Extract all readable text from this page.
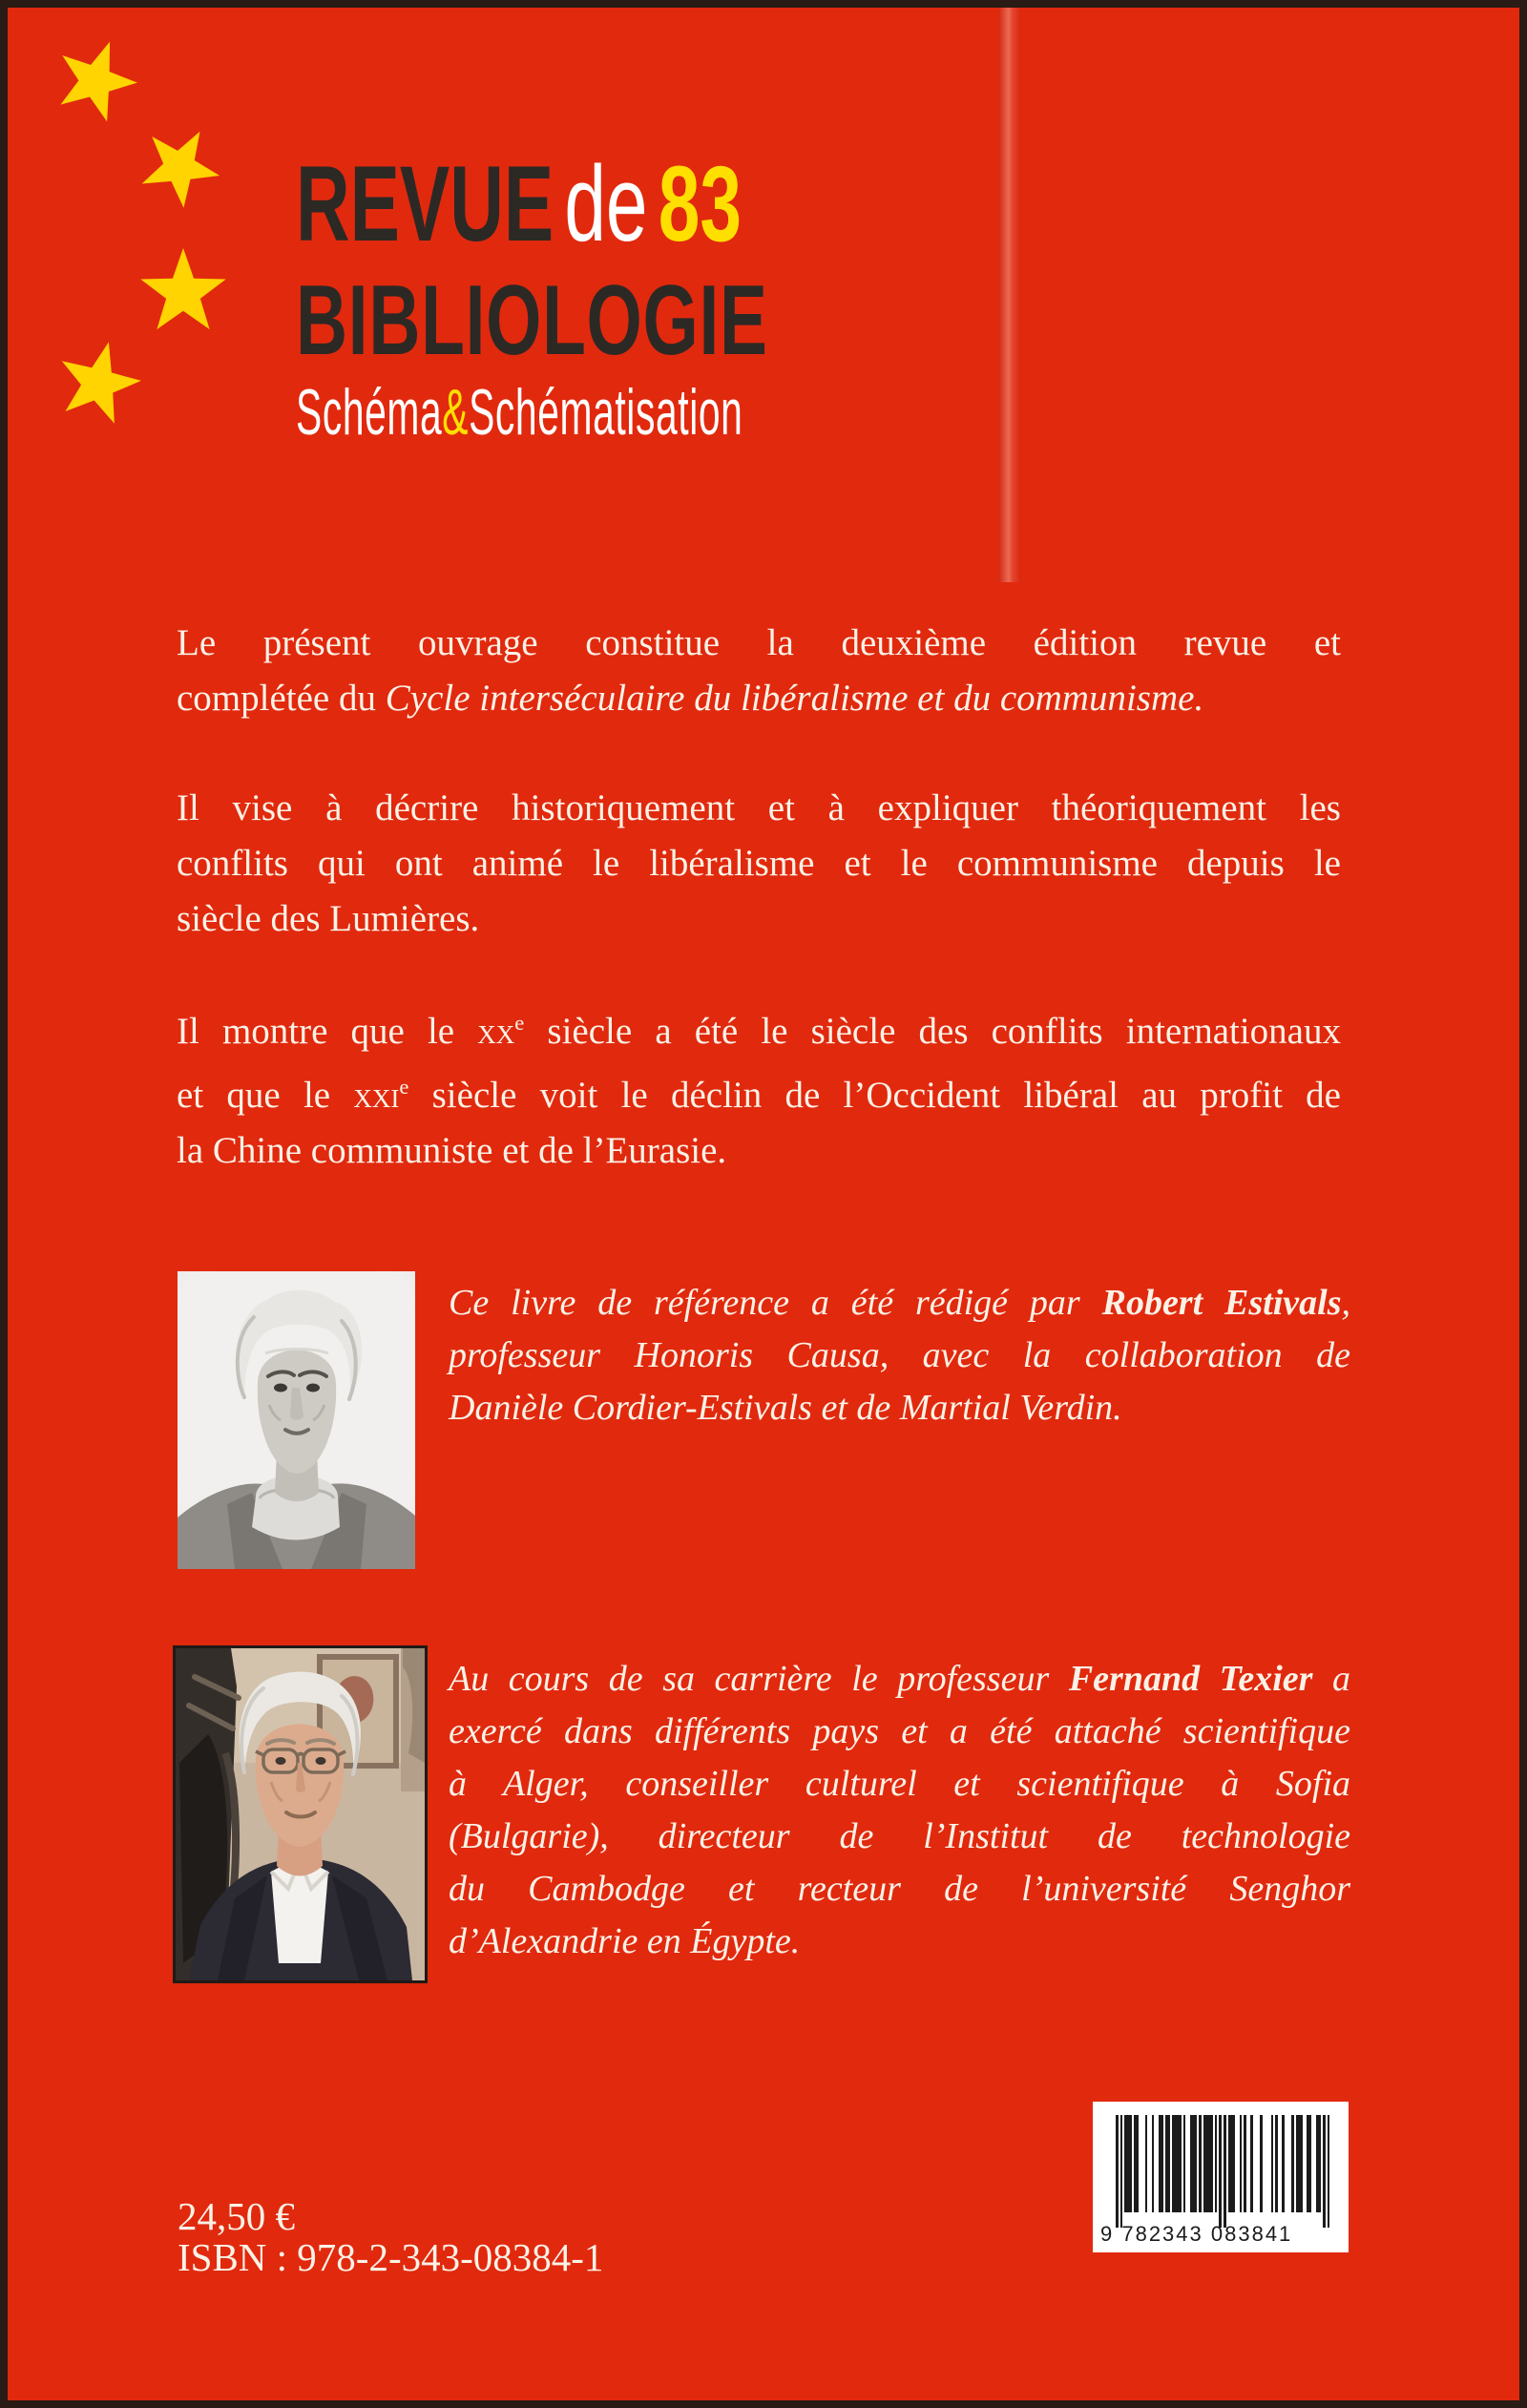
REVUE de83
BIBLIOLOGIE
Schéma&Schématisation
Le présent ouvrage constitue la deuxième édition revue et
complétée du Cycle interséculaire du libéralisme et du communisme.
Il vise à décrire historiquement et à expliquer théoriquement les
conflits qui ont animé le libéralisme et le communisme depuis le
siècle des Lumières.
Il montre que le $xx^e$ siècle a été le siècle des conflits internationaux
et que le xxi$^e$ siècle voit le déclin de l’Occident libéral au profit de
la Chine communiste et de l’Eurasie.
Ce livre de référence a été rédigé par Robert Estivals,
professeur Honoris Causa, avec la collaboration de
Danièle Cordier-Estivals et de Martial Verdin.
Au cours de sa carrière le professeur Fernand Texier a
exercé dans différents pays et a été attaché scientifique
à Alger, conseiller culturel et scientifique à Sofia
(Bulgarie), directeur de l’Institut de technologie
du Cambodge et recteur de l’université Senghor
d’Alexandrie en Égypte.
24,50 €
ISBN : 978-2-343-08384-1
9 782343 083841
